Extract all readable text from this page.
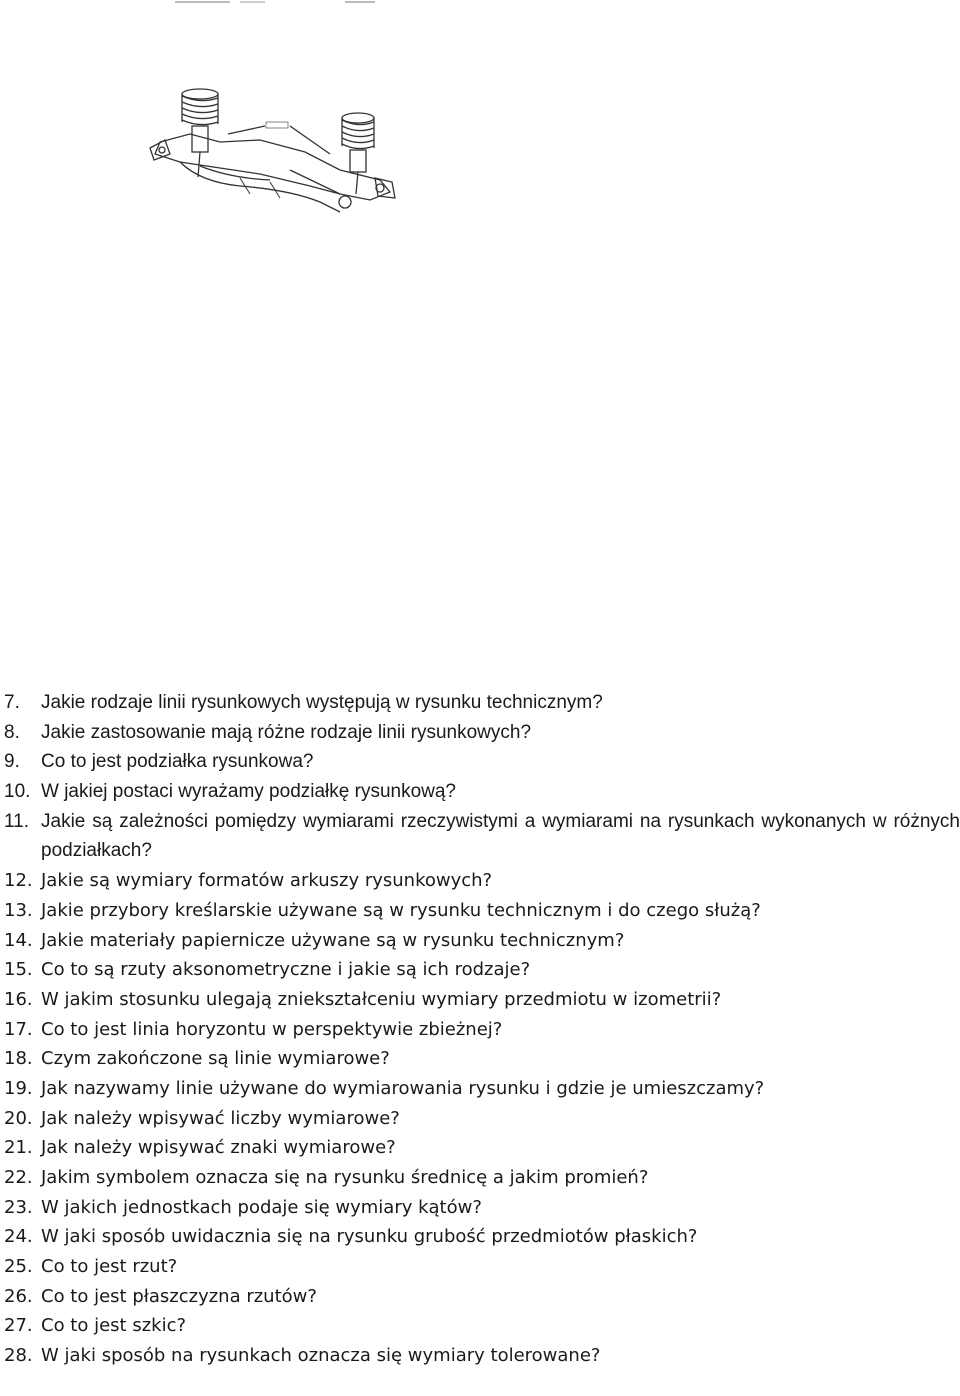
7.	Jakie rodzaje linii rysunkowych występują w rysunku technicznym?
8.	Jakie zastosowanie mają różne rodzaje linii rysunkowych?
9.	Co to jest podziałka rysunkowa?
10. W jakiej postaci wyrażamy podziałkę rysunkową?
11. Jakie są zależności pomiędzy wymiarami rzeczywistymi a wymiarami na rysunkach wykonanych w różnych podziałkach?
12. Jakie są wymiary formatów arkuszy rysunkowych?
13. Jakie przybory kreślarskie używane są w rysunku technicznym i do czego służą?
14. Jakie materiały papiernicze używane są w rysunku technicznym?
15. Co to są rzuty aksonometryczne i jakie są ich rodzaje?
16. W jakim stosunku ulegają zniekształceniu wymiary przedmiotu w izometrii?
17. Co to jest linia horyzontu w perspektywie zbieżnej?
18. Czym zakończone są linie wymiarowe?
19. Jak nazywamy linie używane do wymiarowania rysunku i gdzie je umieszczamy?
20. Jak należy wpisywać liczby wymiarowe?
21. Jak należy wpisywać znaki wymiarowe?
22. Jakim symbolem oznacza się na rysunku średnicę a jakim promień?
23. W jakich jednostkach podaje się wymiary kątów?
24. W jaki sposób uwidacznia się na rysunku grubość przedmiotów płaskich?
25. Co to jest rzut?
26. Co to jest płaszczyzna rzutów?
27. Co to jest szkic?
28. W jaki sposób na rysunkach oznacza się wymiary tolerowane?
